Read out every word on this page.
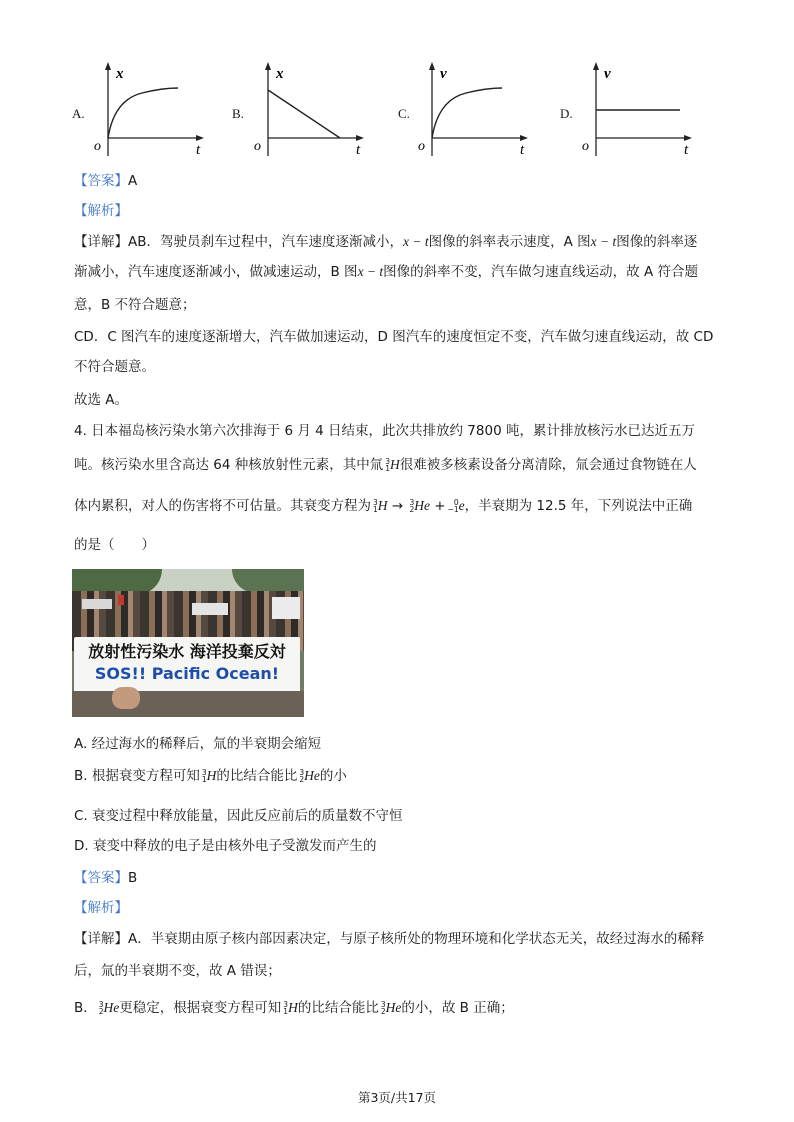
A.
x
t
o
B.
x
t
o
C.
v
t
o
D.
v
t
o
【答案】A
【解析】
【详解】AB．驾驶员刹车过程中，汽车速度逐渐减小，x − t图像的斜率表示速度，A 图x − t图像的斜率逐
渐减小，汽车速度逐渐减小，做减速运动，B 图x − t图像的斜率不变，汽车做匀速直线运动，故 A 符合题
意，B 不符合题意；
CD．C 图汽车的速度逐渐增大，汽车做加速运动，D 图汽车的速度恒定不变，汽车做匀速直线运动，故 CD
不符合题意。
故选 A。
4. 日本福岛核污染水第六次排海于 6 月 4 日结束，此次共排放约 7800 吨，累计排放核污水已达近五万
吨。核污染水里含高达 64 种核放射性元素，其中氚 3
1 H很难被多核素设备分离清除，氚会通过食物链在人
体内累积，对人的伤害将不可估量。其衰变方程为 3
1 H → 3
2 He +	0
−1 e，半衰期为 12.5 年，下列说法中正确
的是（　　）
放射性污染水 海洋投棄反対
SOS!! Pacific Ocean!
A. 经过海水的稀释后，氚的半衰期会缩短
B. 根据衰变方程可知 3
1 H的比结合能比 3
2 He的小
C. 衰变过程中释放能量，因此反应前后的质量数不守恒
D. 衰变中释放的电子是由核外电子受激发而产生的
【答案】B
【解析】
【详解】A．半衰期由原子核内部因素决定，与原子核所处的物理环境和化学状态无关，故经过海水的稀释
后，氚的半衰期不变，故 A 错误；
B． 3
2 He更稳定，根据衰变方程可知 3
1 H的比结合能比 3
2 He的小，故 B 正确；
第3页/共17页
